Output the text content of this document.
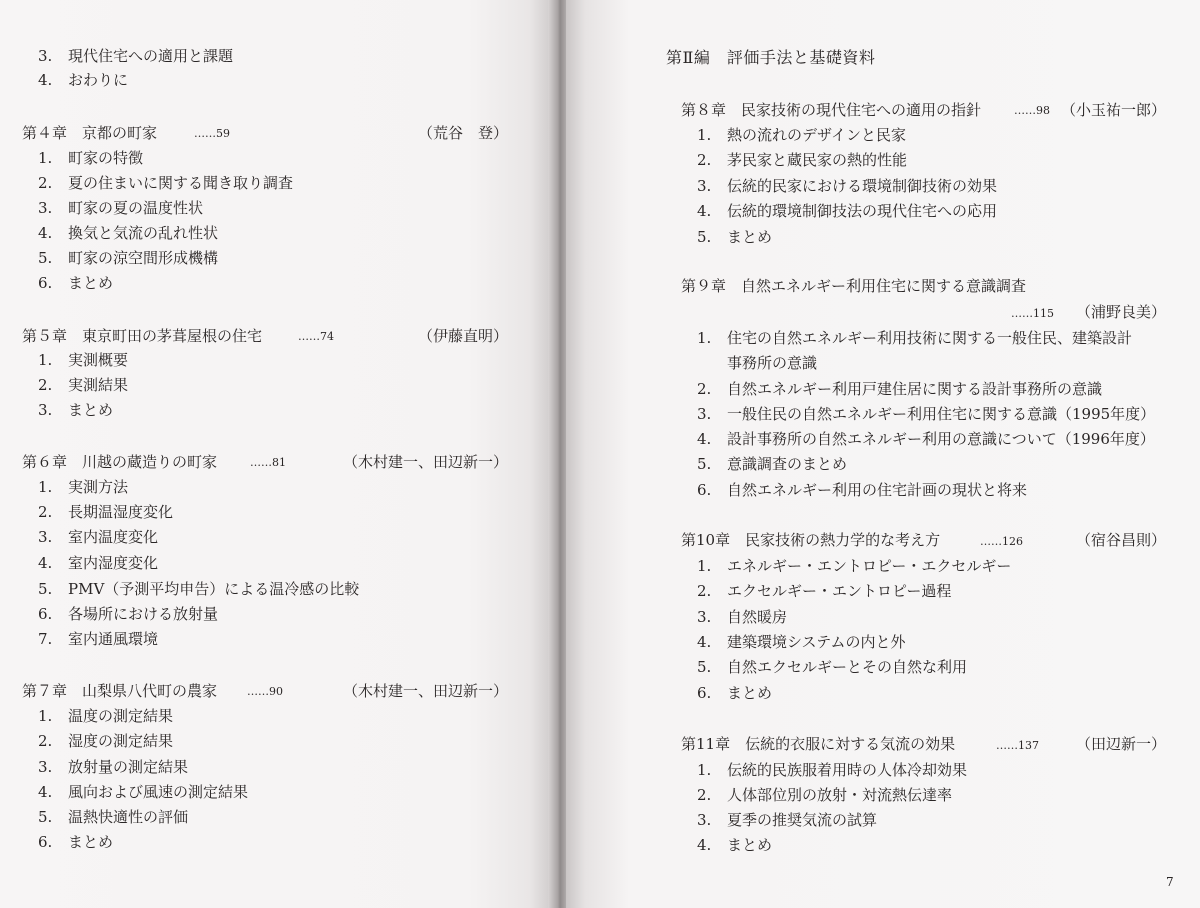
3. 現代住宅への適用と課題
4. おわりに
第４章　 京都の町家	……59	（荒谷　登）
1. 町家の特徴
2. 夏の住まいに関する聞き取り調査
3. 町家の夏の温度性状
4. 換気と気流の乱れ性状
5. 町家の涼空間形成機構
6. まとめ
第５章　 東京町田の茅葺屋根の住宅	……74	（伊藤直明）
1. 実測概要
2. 実測結果
3. まとめ
第６章　 川越の蔵造りの町家	……81	（木村建一、田辺新一）
1. 実測方法
2. 長期温湿度変化
3. 室内温度変化
4. 室内湿度変化
5. PMV（予測平均申告）による温冷感の比較
6. 各場所における放射量
7. 室内通風環境
第７章　 山梨県八代町の農家	……90	（木村建一、田辺新一）
1. 温度の測定結果
2. 湿度の測定結果
3. 放射量の測定結果
4. 風向および風速の測定結果
5. 温熱快適性の評価
6. まとめ
第Ⅱ編　評価手法と基礎資料
第８章　 民家技術の現代住宅への適用の指針	……98 （小玉祐一郎）
1. 熱の流れのデザインと民家
2. 茅民家と蔵民家の熱的性能
3. 伝統的民家における環境制御技術の効果
4. 伝統的環境制御技法の現代住宅への応用
5. まとめ
第９章　 自然エネルギー利用住宅に関する意識調査
……115 （浦野良美）
1. 住宅の自然エネルギー利用技術に関する一般住民、建築設計
事務所の意識
2. 自然エネルギー利用戸建住居に関する設計事務所の意識
3. 一般住民の自然エネルギー利用住宅に関する意識（1995年度）
4. 設計事務所の自然エネルギー利用の意識について（1996年度）
5. 意識調査のまとめ
6. 自然エネルギー利用の住宅計画の現状と将来
第10章　 民家技術の熱力学的な考え方	……126	（宿谷昌則）
1. エネルギー・エントロピー・エクセルギー
2. エクセルギー・エントロピー過程
3. 自然暖房
4. 建築環境システムの内と外
5. 自然エクセルギーとその自然な利用
6. まとめ
第11章　 伝統的衣服に対する気流の効果	……137 （田辺新一）
1. 伝統的民族服着用時の人体冷却効果
2. 人体部位別の放射・対流熱伝達率
3. 夏季の推奨気流の試算
4. まとめ
7
